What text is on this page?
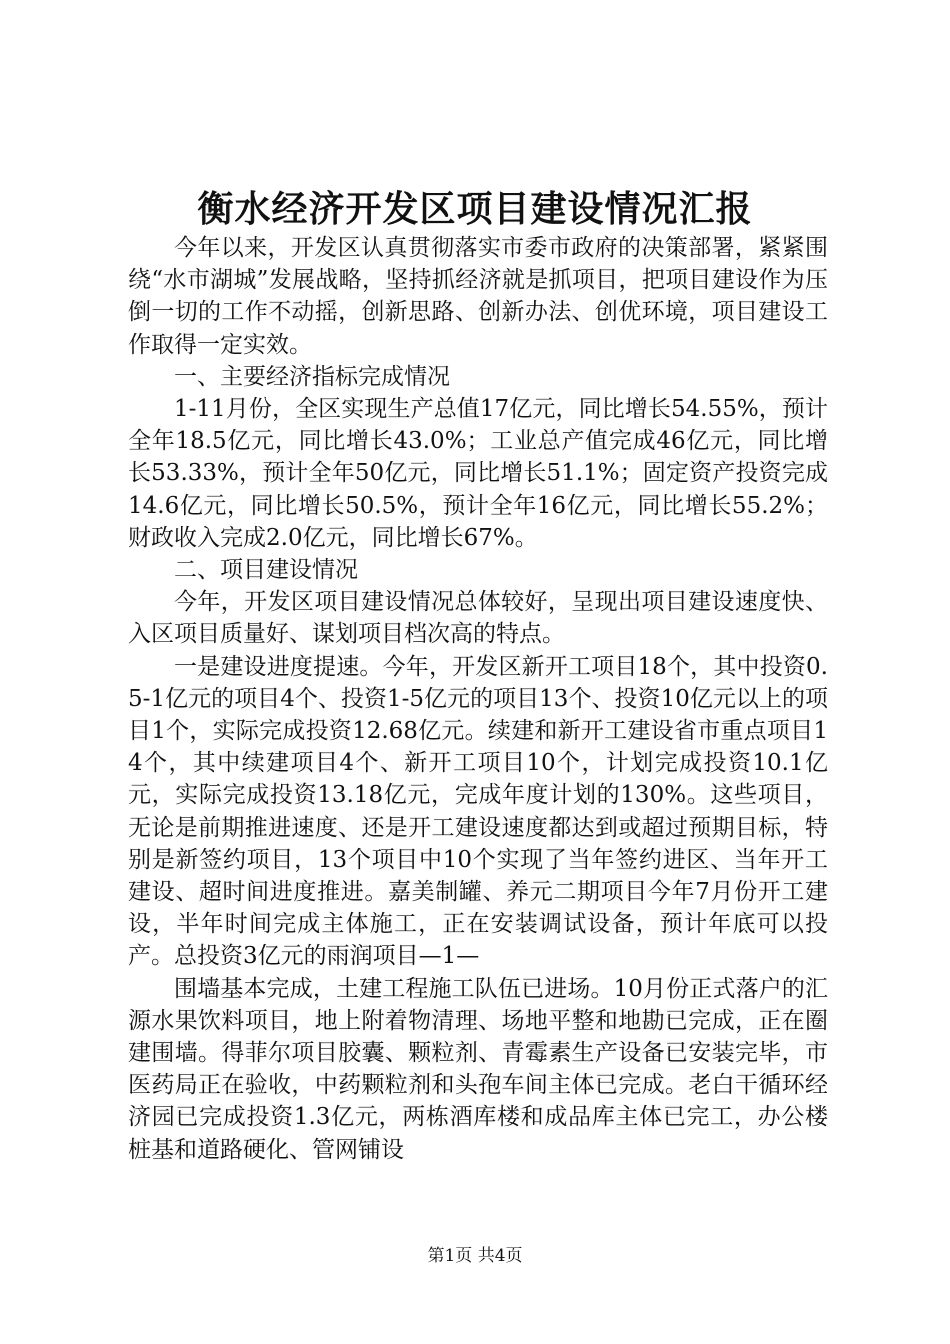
衡水经济开发区项目建设情况汇报

今年以来，开发区认真贯彻落实市委市政府的决策部署，紧紧围绕“水市湖城”发展战略，坚持抓经济就是抓项目，把项目建设作为压倒一切的工作不动摇，创新思路、创新办法、创优环境，项目建设工作取得一定实效。

一、主要经济指标完成情况

1-11月份，全区实现生产总值17亿元，同比增长54.55%，预计全年18.5亿元，同比增长43.0%；工业总产值完成46亿元，同比增长53.33%，预计全年50亿元，同比增长51.1%；固定资产投资完成14.6亿元，同比增长50.5%，预计全年16亿元，同比增长55.2%；财政收入完成2.0亿元，同比增长67%。

二、项目建设情况

今年，开发区项目建设情况总体较好，呈现出项目建设速度快、入区项目质量好、谋划项目档次高的特点。

一是建设进度提速。今年，开发区新开工项目18个，其中投资0.5-1亿元的项目4个、投资1-5亿元的项目13个、投资10亿元以上的项目1个，实际完成投资12.68亿元。续建和新开工建设省市重点项目14个，其中续建项目4个、新开工项目10个，计划完成投资10.1亿元，实际完成投资13.18亿元，完成年度计划的130%。这些项目，无论是前期推进速度、还是开工建设速度都达到或超过预期目标，特别是新签约项目，13个项目中10个实现了当年签约进区、当年开工建设、超时间进度推进。嘉美制罐、养元二期项目今年7月份开工建设，半年时间完成主体施工，正在安装调试设备，预计年底可以投产。总投资3亿元的雨润项目—1—

围墙基本完成，土建工程施工队伍已进场。10月份正式落户的汇源水果饮料项目，地上附着物清理、场地平整和地勘已完成，正在圈建围墙。得菲尔项目胶囊、颗粒剂、青霉素生产设备已安装完毕，市医药局正在验收，中药颗粒剂和头孢车间主体已完成。老白干循环经济园已完成投资1.3亿元，两栋酒库楼和成品库主体已完工，办公楼桩基和道路硬化、管网铺设

第1页 共4页
